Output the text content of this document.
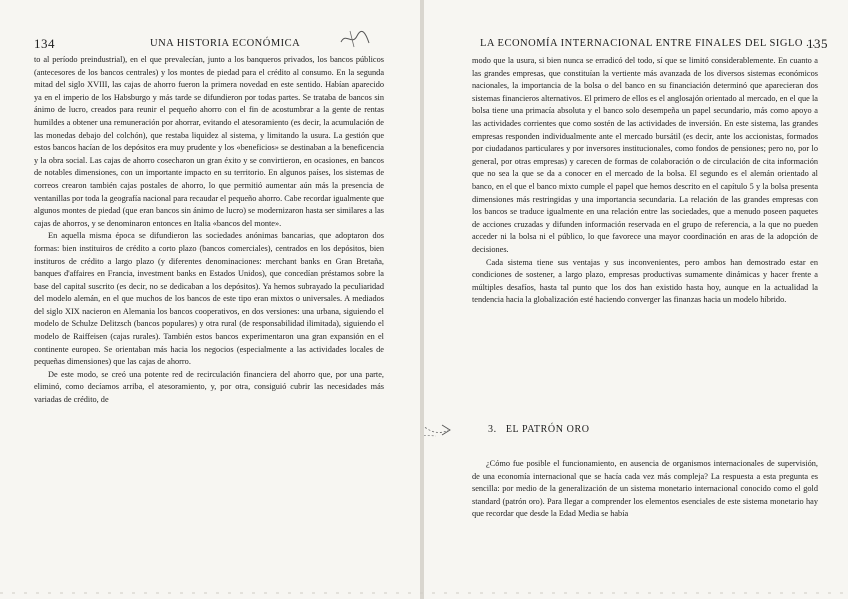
134	UNA HISTORIA ECONÓMICA

to al período preindustrial), en el que prevalecían, junto a los banqueros privados, los bancos públicos (antecesores de los bancos centrales) y los montes de piedad para el crédito al consumo. En la segunda mitad del siglo XVIII, las cajas de ahorro fueron la primera novedad en este sentido. Habían aparecido ya en el imperio de los Habsburgo y más tarde se difundieron por todas partes. Se trataba de bancos sin ánimo de lucro, creados para reunir el pequeño ahorro con el fin de acostumbrar a la gente de rentas humildes a obtener una remuneración por ahorrar, evitando el atesoramiento (es decir, la acumulación de las monedas debajo del colchón), que restaba liquidez al sistema, y limitando la usura. La gestión que estos bancos hacían de los depósitos era muy prudente y los «beneficios» se destinaban a la beneficencia y la obra social. Las cajas de ahorro cosecharon un gran éxito y se convirtieron, en ocasiones, en bancos de notables dimensiones, con un importante impacto en su territorio. En algunos países, los sistemas de correos crearon también cajas postales de ahorro, lo que permitió aumentar aún más la presencia de ventanillas por toda la geografía nacional para recaudar el pequeño ahorro. Cabe recordar igualmente que algunos montes de piedad (que eran bancos sin ánimo de lucro) se modernizaron hasta ser similares a las cajas de ahorros, y se denominaron entonces en Italia «bancos del monte».

En aquella misma época se difundieron las sociedades anónimas bancarias, que adoptaron dos formas: bien instituiros de crédito a corto plazo (bancos comerciales), centrados en los depósitos, bien instituros de crédito a largo plazo (y diferentes denominaciones: merchant banks en Gran Bretaña, banques d'affaires en Francia, investment banks en Estados Unidos), que concedían préstamos sobre la base del capital suscrito (es decir, no se dedicaban a los depósitos). Ya hemos subrayado la peculiaridad del modelo alemán, en el que muchos de los bancos de este tipo eran mixtos o universales. A mediados del siglo XIX nacieron en Alemania los bancos cooperativos, en dos versiones: una urbana, siguiendo el modelo de Schulze Delitzsch (bancos populares) y otra rural (de responsabilidad ilimitada), siguiendo el modelo de Raiffeisen (cajas rurales). También estos bancos experimentaron una gran expansión en el continente europeo. Se orientaban más hacia los negocios (especialmente a las actividades locales de pequeñas dimensiones) que las cajas de ahorro.

De este modo, se creó una potente red de recirculación financiera del ahorro que, por una parte, eliminó, como decíamos arriba, el atesoramiento, y, por otra, consiguió cubrir las necesidades más variadas de crédito, de

LA ECONOMÍA INTERNACIONAL ENTRE FINALES DEL SIGLO ...
135

modo que la usura, si bien nunca se erradicó del todo, sí que se limitó considerablemente. En cuanto a las grandes empresas, que constituían la vertiente más avanzada de los diversos sistemas económicos nacionales, la importancia de la bolsa o del banco en su financiación determinó que aparecieran dos sistemas financieros alternativos. El primero de ellos es el anglosajón orientado al mercado, en el que la bolsa tiene una primacía absoluta y el banco solo desempeña un papel secundario, más como apoyo a las actividades corrientes que como sostén de las actividades de inversión. En este sistema, las grandes empresas responden individualmente ante el mercado bursátil (es decir, ante los accionistas, formados por ciudadanos particulares y por inversores institucionales, como fondos de pensiones; pero no, por lo general, por otras empresas) y carecen de formas de colaboración o de circulación de cita información que no sea la que se da a conocer en el mercado de la bolsa. El segundo es el alemán orientado al banco, en el que el banco mixto cumple el papel que hemos descrito en el capítulo 5 y la bolsa presenta dimensiones más restringidas y una importancia secundaria. La relación de las grandes empresas con los bancos se traduce igualmente en una relación entre las sociedades, que a menudo poseen paquetes de acciones cruzadas y difunden información reservada en el grupo de referencia, a la que no pueden acceder ni la bolsa ni el público, lo que favorece una mayor coordinación en aras de la adopción de decisiones.

Cada sistema tiene sus ventajas y sus inconvenientes, pero ambos han demostrado estar en condiciones de sostener, a largo plazo, empresas productivas sumamente dinámicas y hacer frente a múltiples desafíos, hasta tal punto que los dos han existido hasta hoy, aunque en la actualidad la tendencia hacia la globalización esté haciendo converger las finanzas hacia un modelo híbrido.

3. EL PATRÓN ORO

¿Cómo fue posible el funcionamiento, en ausencia de organismos internacionales de supervisión, de una economía internacional que se hacía cada vez más compleja? La respuesta a esta pregunta es sencilla: por medio de la generalización de un sistema monetario internacional conocido como el gold standard (patrón oro). Para llegar a comprender los elementos esenciales de este sistema monetario hay que recordar que desde la Edad Media se había
